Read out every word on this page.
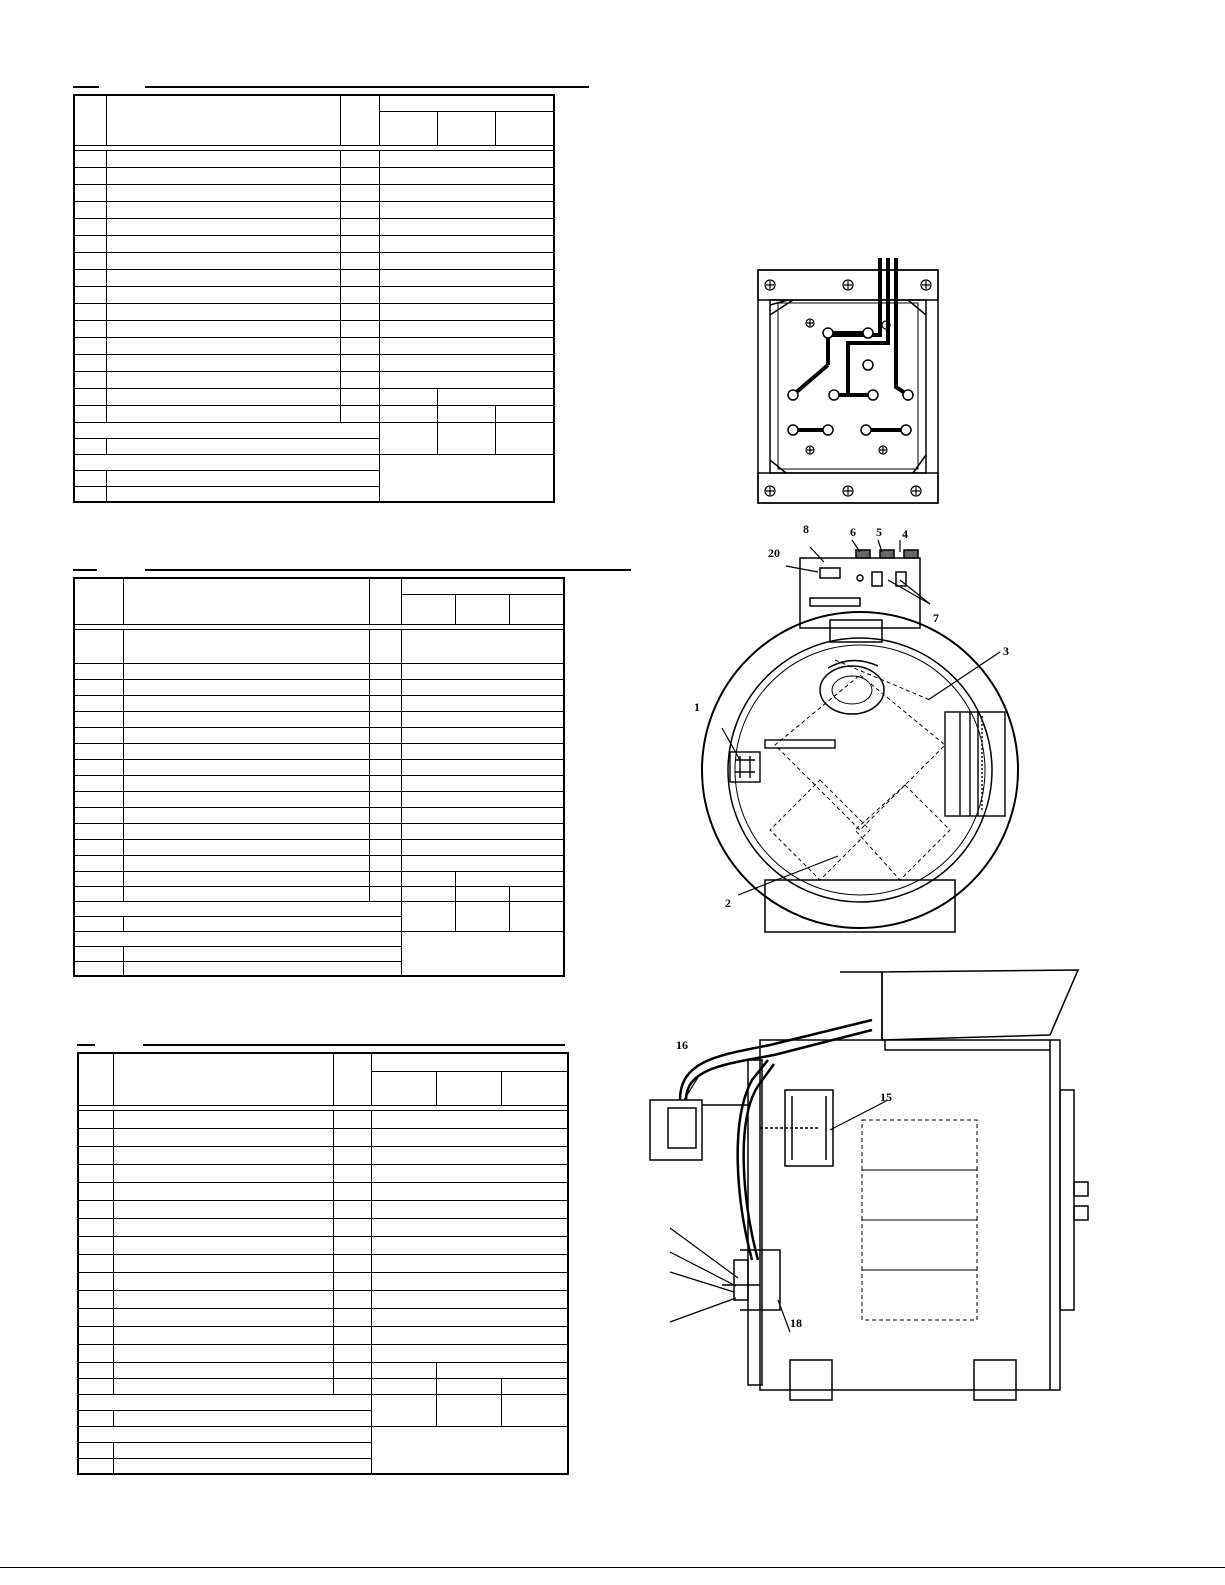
8	6 5 4
20
7
3
1
2
16
15
18
